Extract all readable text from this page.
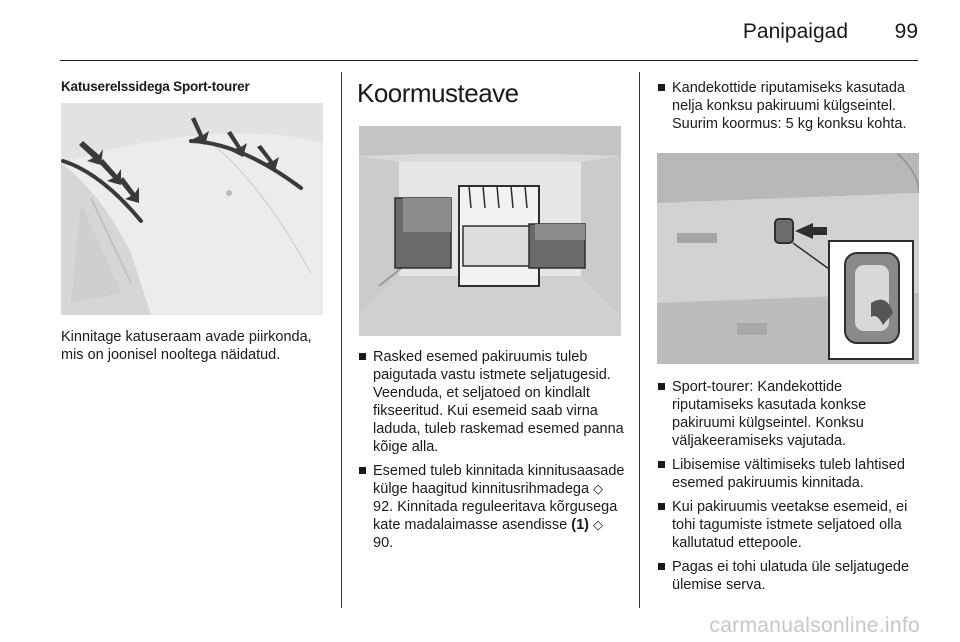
Panipaigad 99
Katuserelssidega Sport-tourer
Kinnitage katuseraam avade piirkonda, mis on joonisel nooltega näidatud.
Koormusteave
Rasked esemed pakiruumis tuleb paigutada vastu istmete seljatugesid. Veenduda, et seljatoed on kindlalt fikseeritud. Kui esemeid saab virna laduda, tuleb raskemad esemed panna kõige alla.
Esemed tuleb kinnitada kinnitusaasade külge haagitud kinnitusrihmadega ◇ 92. Kinnitada reguleeritava kõrgusega kate madalaimasse asendisse (1) ◇ 90.
Kandekottide riputamiseks kasutada nelja konksu pakiruumi külgseintel. Suurim koormus: 5 kg konksu kohta.
Sport-tourer: Kandekottide riputamiseks kasutada konkse pakiruumi külgseintel. Konksu väljakeeramiseks vajutada.
Libisemise vältimiseks tuleb lahtised esemed pakiruumis kinnitada.
Kui pakiruumis veetakse esemeid, ei tohi tagumiste istmete seljatoed olla kallutatud ettepoole.
Pagas ei tohi ulatuda üle seljatugede ülemise serva.
carmanualsonline.info
